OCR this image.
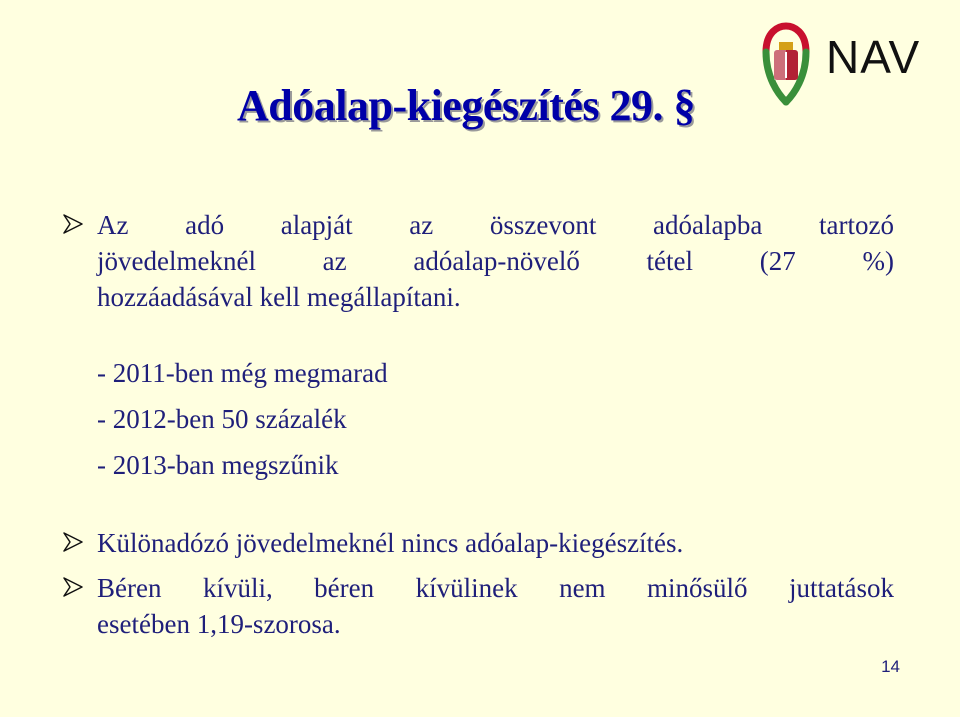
Adóalap-kiegészítés 29. §
NAV
Az adó alapját az összevont adóalapba tartozó
jövedelmeknél az adóalap-növelő tétel (27 %)
hozzáadásával kell megállapítani.
- 2011-ben még megmarad
- 2012-ben 50 százalék
- 2013-ban megszűnik
Különadózó jövedelmeknél nincs adóalap-kiegészítés.
Béren kívüli, béren kívülinek nem minősülő juttatások
esetében 1,19-szorosa.
14
